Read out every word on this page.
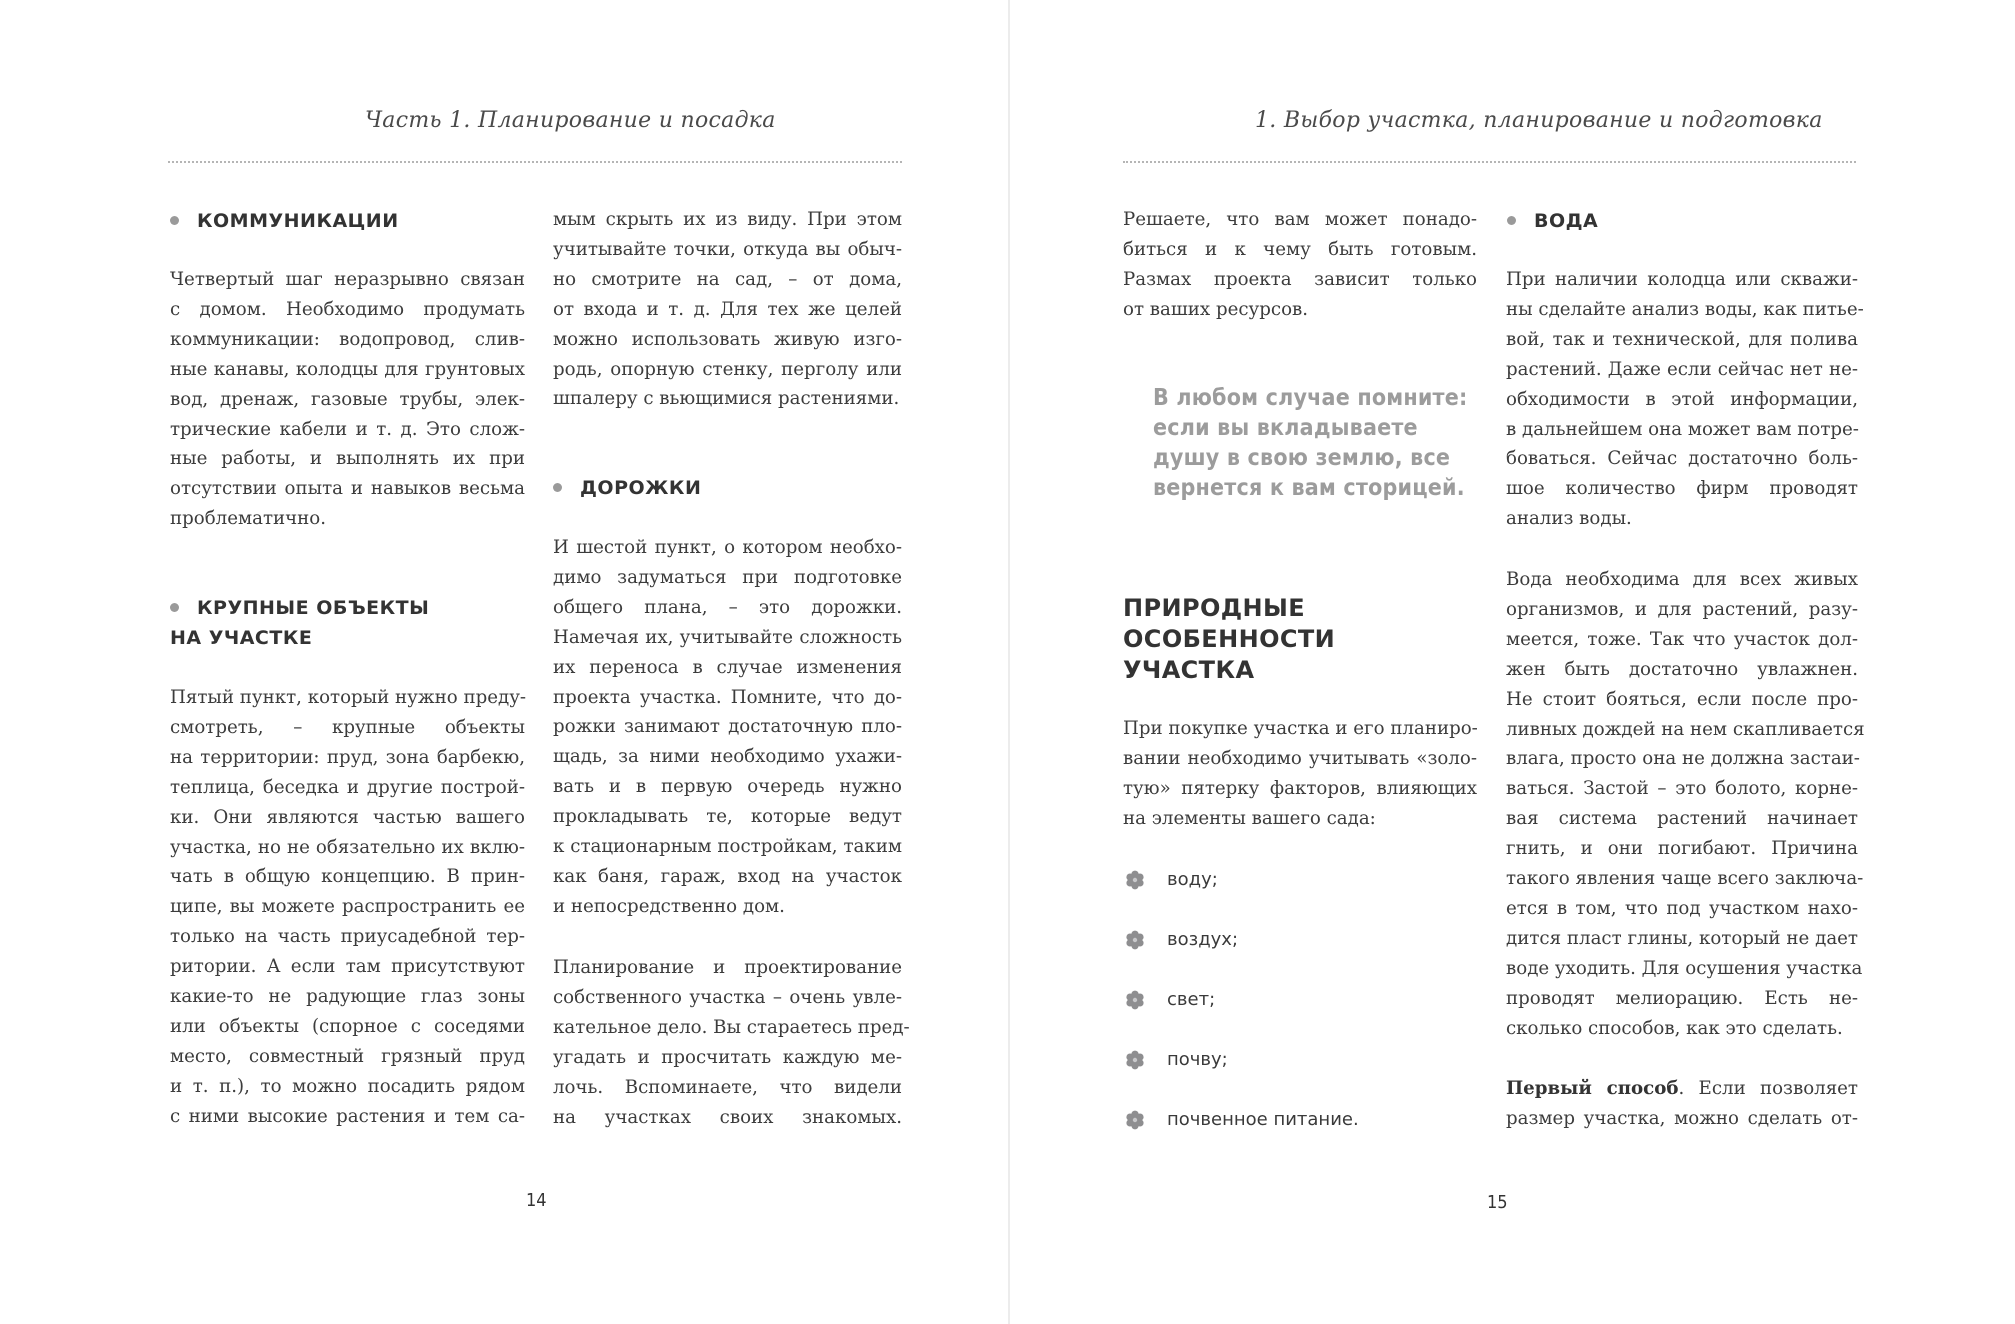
Часть 1. Планирование и посадка
КОММУНИКАЦИИ
Четвертый шаг неразрывно связан
с домом. Необходимо продумать
коммуникации: водопровод, слив-
ные канавы, колодцы для грунтовых
вод, дренаж, газовые трубы, элек-
трические кабели и т. д. Это слож-
ные работы, и выполнять их при
отсутствии опыта и навыков весьма
проблематично.
КРУПНЫЕ ОБЪЕКТЫ
НА УЧАСТКЕ
Пятый пункт, который нужно преду-
смотреть, – крупные объекты
на территории: пруд, зона барбекю,
теплица, беседка и другие построй-
ки. Они являются частью вашего
участка, но не обязательно их вклю-
чать в общую концепцию. В прин-
ципе, вы можете распространить ее
только на часть приусадебной тер-
ритории. А если там присутствуют
какие-то не радующие глаз зоны
или объекты (спорное с соседями
место, совместный грязный пруд
и т. п.), то можно посадить рядом
с ними высокие растения и тем са-
мым скрыть их из виду. При этом
учитывайте точки, откуда вы обыч-
но смотрите на сад, – от дома,
от входа и т. д. Для тех же целей
можно использовать живую изго-
родь, опорную стенку, перголу или
шпалеру с вьющимися растениями.
ДОРОЖКИ
И шестой пункт, о котором необхо-
димо задуматься при подготовке
общего плана, – это дорожки.
Намечая их, учитывайте сложность
их переноса в случае изменения
проекта участка. Помните, что до-
рожки занимают достаточную пло-
щадь, за ними необходимо ухажи-
вать и в первую очередь нужно
прокладывать те, которые ведут
к стационарным постройкам, таким
как баня, гараж, вход на участок
и непосредственно дом.
Планирование и проектирование
собственного участка – очень увле-
кательное дело. Вы стараетесь пред-
угадать и просчитать каждую ме-
лочь. Вспоминаете, что видели
на участках своих знакомых.
14
1. Выбор участка, планирование и подготовка
Решаете, что вам может понадо-
биться и к чему быть готовым.
Размах проекта зависит только
от ваших ресурсов.
В любом случае помните:
если вы вкладываете
душу в свою землю, все
вернется к вам сторицей.
ПРИРОДНЫЕ
ОСОБЕННОСТИ
УЧАСТКА
При покупке участка и его планиро-
вании необходимо учитывать «золо-
тую» пятерку факторов, влияющих
на элементы вашего сада:
воду;
воздух;
свет;
почву;
почвенное питание.
ВОДА
При наличии колодца или скважи-
ны сделайте анализ воды, как питье-
вой, так и технической, для полива
растений. Даже если сейчас нет не-
обходимости в этой информации,
в дальнейшем она может вам потре-
боваться. Сейчас достаточно боль-
шое количество фирм проводят
анализ воды.
Вода необходима для всех живых
организмов, и для растений, разу-
меется, тоже. Так что участок дол-
жен быть достаточно увлажнен.
Не стоит бояться, если после про-
ливных дождей на нем скапливается
влага, просто она не должна застаи-
ваться. Застой – это болото, корне-
вая система растений начинает
гнить, и они погибают. Причина
такого явления чаще всего заключа-
ется в том, что под участком нахо-
дится пласт глины, который не дает
воде уходить. Для осушения участка
проводят мелиорацию. Есть не-
сколько способов, как это сделать.
Первый способ. Если позволяет
размер участка, можно сделать от-
15
